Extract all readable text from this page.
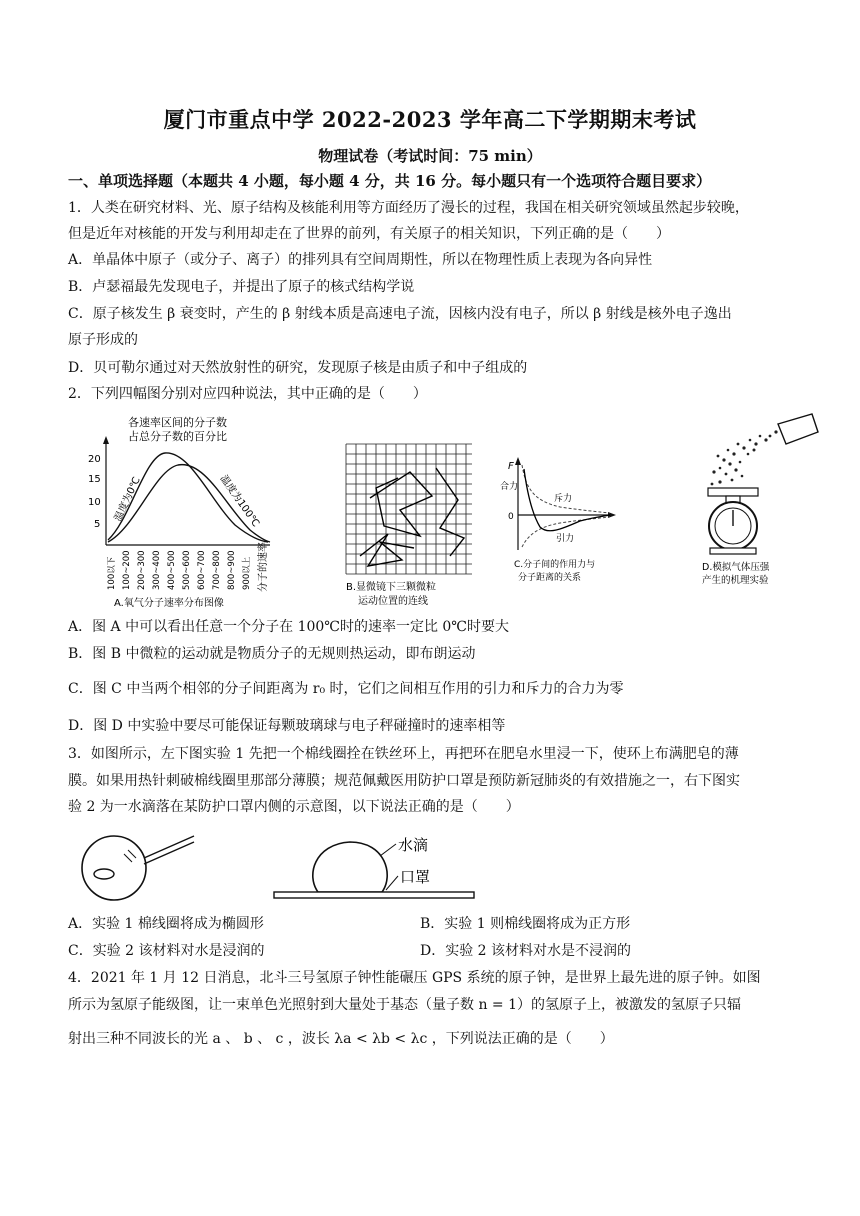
厦门市重点中学 2022-2023 学年高二下学期期末考试
物理试卷（考试时间：75 min）
一、单项选择题（本题共 4 小题，每小题 4 分，共 16 分。每小题只有一个选项符合题目要求）
1．人类在研究材料、光、原子结构及核能利用等方面经历了漫长的过程，我国在相关研究领域虽然起步较晚，
但是近年对核能的开发与利用却走在了世界的前列，有关原子的相关知识，下列正确的是（　　）
A．单晶体中原子（或分子、离子）的排列具有空间周期性，所以在物理性质上表现为各向异性
B．卢瑟福最先发现电子，并提出了原子的核式结构学说
C．原子核发生 β 衰变时，产生的 β 射线本质是高速电子流，因核内没有电子，所以 β 射线是核外电子逸出
原子形成的
D．贝可勒尔通过对天然放射性的研究，发现原子核是由质子和中子组成的
2．下列四幅图分别对应四种说法，其中正确的是（　　）
各速率区间的分子数
占总分子数的百分比
20
15
10
5
温度为0℃	温度为100℃
100以下 100~200 200~300 300~400 400~500 500~600 600~700 700~800 800~900 900以上 分子的速率
A.氧气分子速率分布图像
B.显微镜下三颗微粒
运动位置的连线
F
0
合力
斥力
引力
C.分子间的作用力与
分子距离的关系
D.模拟气体压强
产生的机理实验
A．图 A 中可以看出任意一个分子在 100℃时的速率一定比 0℃时要大
B．图 B 中微粒的运动就是物质分子的无规则热运动，即布朗运动
C．图 C 中当两个相邻的分子间距离为 r₀ 时，它们之间相互作用的引力和斥力的合力为零
D．图 D 中实验中要尽可能保证每颗玻璃球与电子秤碰撞时的速率相等
3．如图所示，左下图实验 1 先把一个棉线圈拴在铁丝环上，再把环在肥皂水里浸一下，使环上布满肥皂的薄
膜。如果用热针刺破棉线圈里那部分薄膜；规范佩戴医用防护口罩是预防新冠肺炎的有效措施之一，右下图实
验 2 为一水滴落在某防护口罩内侧的示意图，以下说法正确的是（　　）
水滴
口罩
A．实验 1 棉线圈将成为椭圆形	B．实验 1 则棉线圈将成为正方形
C．实验 2 该材料对水是浸润的	D．实验 2 该材料对水是不浸润的
4．2021 年 1 月 12 日消息，北斗三号氢原子钟性能碾压 GPS 系统的原子钟，是世界上最先进的原子钟。如图
所示为氢原子能级图，让一束单色光照射到大量处于基态（量子数 n = 1）的氢原子上，被激发的氢原子只辐
射出三种不同波长的光 a 、 b 、 c ，波长 λa < λb < λc ，下列说法正确的是（　　）
